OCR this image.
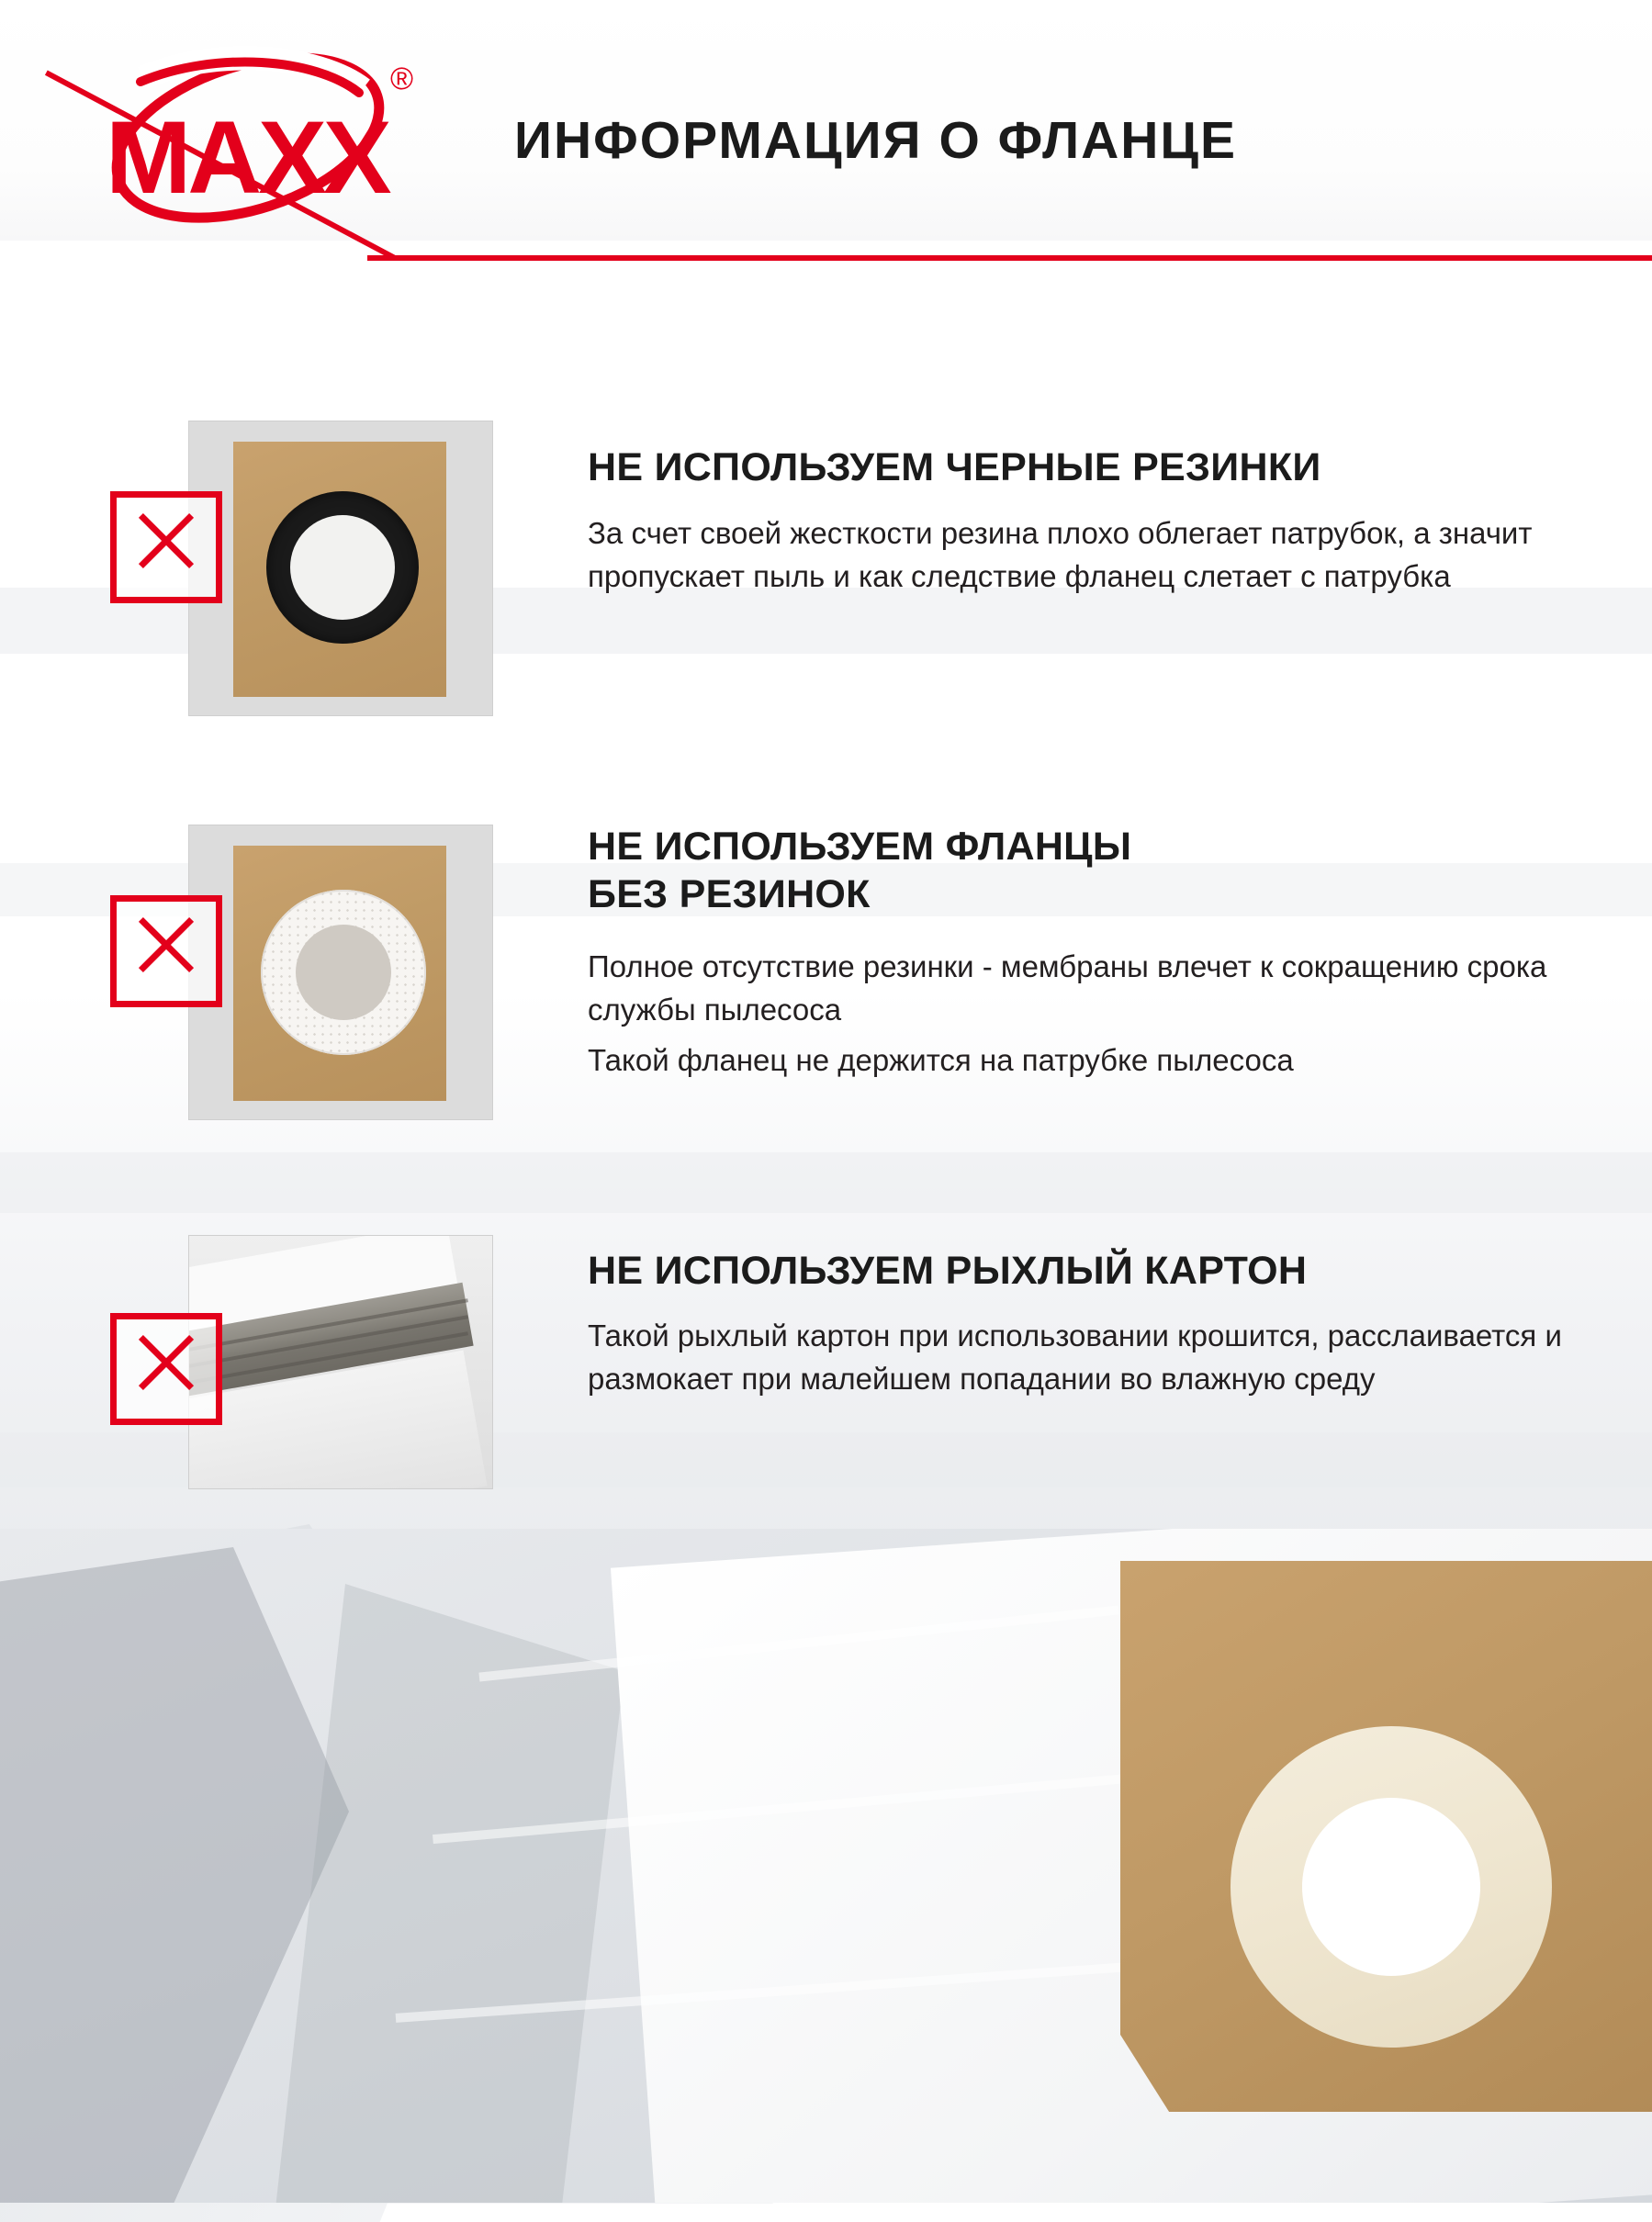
MAXX
®
ИНФОРМАЦИЯ О ФЛАНЦЕ
НЕ ИСПОЛЬЗУЕМ ЧЕРНЫЕ РЕЗИНКИ
За счет своей жесткости резина плохо облегает патрубок, а значит пропускает пыль и как следствие фланец слетает с патрубка
НЕ ИСПОЛЬЗУЕМ ФЛАНЦЫ
БЕЗ РЕЗИНОК
Полное отсутствие резинки - мембраны влечет к сокращению срока службы пылесоса
Такой фланец не держится на патрубке пылесоса
НЕ ИСПОЛЬЗУЕМ РЫХЛЫЙ КАРТОН
Такой рыхлый картон при использовании крошится, расслаивается и размокает при малейшем попадании во влажную среду
